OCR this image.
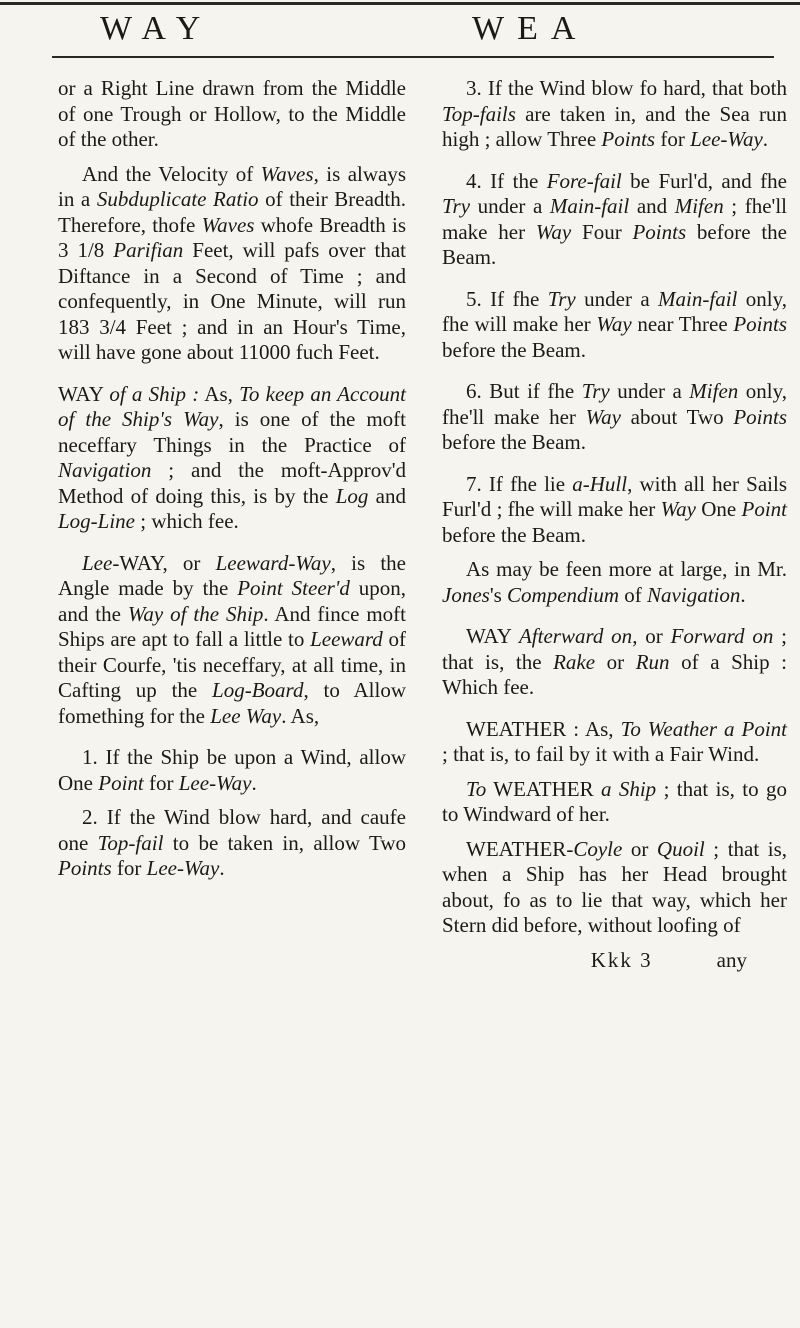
WAY	WEA

or a Right Line drawn from the Middle of one Trough or Hollow, to the Middle of the other.

And the Velocity of Waves, is always in a Subduplicate Ratio of their Breadth. Therefore, thofe Waves whofe Breadth is 3 1/8 Parifian Feet, will pafs over that Diftance in a Second of Time ; and confequently, in One Minute, will run 183 3/4 Feet ; and in an Hour's Time, will have gone about 11000 fuch Feet.

WAY of a Ship : As, To keep an Account of the Ship's Way, is one of the moft neceffary Things in the Practice of Navigation ; and the moft-Approv'd Method of doing this, is by the Log and Log-Line ; which fee.

Lee-WAY, or Leeward-Way, is the Angle made by the Point Steer'd upon, and the Way of the Ship. And fince moft Ships are apt to fall a little to Leeward of their Courfe, 'tis neceffary, at all time, in Cafting up the Log-Board, to Allow fomething for the Lee Way. As,

1. If the Ship be upon a Wind, allow One Point for Lee-Way.

2. If the Wind blow hard, and caufe one Top-fail to be taken in, allow Two Points for Lee-Way.

3. If the Wind blow fo hard, that both Top-fails are taken in, and the Sea run high ; allow Three Points for Lee-Way.

4. If the Fore-fail be Furl'd, and fhe Try under a Main-fail and Mifen ; fhe'll make her Way Four Points before the Beam.

5. If fhe Try under a Main-fail only, fhe will make her Way near Three Points before the Beam.

6. But if fhe Try under a Mifen only, fhe'll make her Way about Two Points before the Beam.

7. If fhe lie a-Hull, with all her Sails Furl'd ; fhe will make her Way One Point before the Beam.

As may be feen more at large, in Mr. Jones's Compendium of Navigation.

WAY Afterward on, or Forward on ; that is, the Rake or Run of a Ship : Which fee.

WEATHER : As, To Weather a Point ; that is, to fail by it with a Fair Wind.

To WEATHER a Ship ; that is, to go to Windward of her.

WEATHER-Coyle or Quoil ; that is, when a Ship has her Head brought about, fo as to lie that way, which her Stern did before, without loofing of

Kkk 3	any
